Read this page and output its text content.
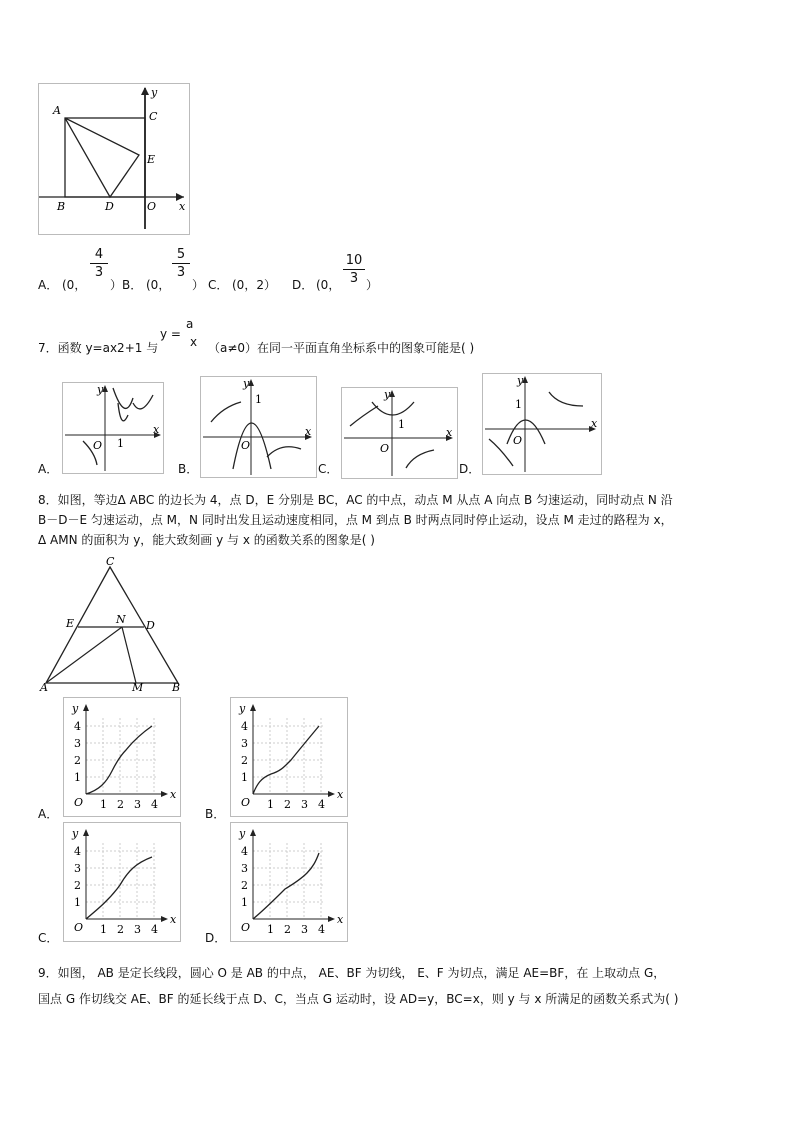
A	C
E
B	D	O x
y
A． (0，
4
3
） B． (0，
5
3
） C． (0，2） D． (0，
10
3 ）
7．函数 y=ax2+1 与
y =
a
x （a≠0）在同一平面直角坐标系中的图象可能是( )
y
x
O 1
A．
y
x
1
O
B．
y
x
1
O
C．
y
x
1
O
D．
8．如图，等边Δ ABC 的边长为 4，点 D，E 分别是 BC，AC 的中点，动点 M 从点 A 向点 B 匀速运动，同时动点 N 沿
B－D－E 匀速运动，点 M，N 同时出发且运动速度相同，点 M 到点 B 时两点同时停止运动，设点 M 走过的路程为 x，
Δ AMN 的面积为 y，能大致刻画 y 与 x 的函数关系的图象是( )
C
E	N D
A	M	B
y
x
O 1 2 3 4
1
2
3
4
A．
y
x
O 1 2 3 4
1
2
3
4
B．
y
x
O 1 2 3 4
1
2
3
4
C．
y
x
O 1 2 3 4
1
2
3
4
D．
9．如图， AB 是定长线段，圆心 O 是 AB 的中点， AE、BF 为切线， E、F 为切点，满足 AE=BF，在 上取动点 G，
国点 G 作切线交 AE、BF 的延长线于点 D、C，当点 G 运动时，设 AD=y，BC=x，则 y 与 x 所满足的函数关系式为( )
